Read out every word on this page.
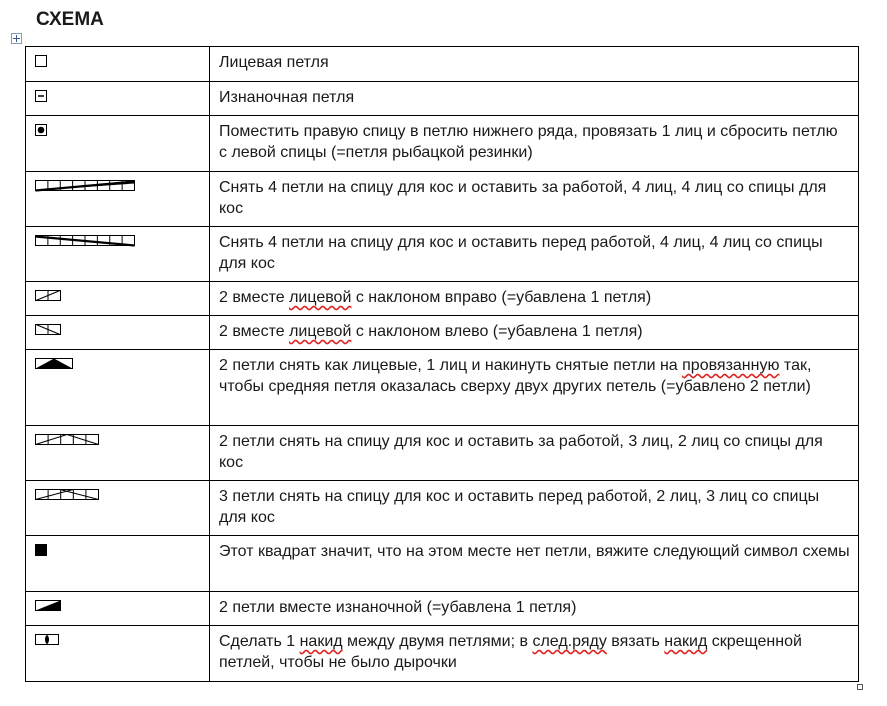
СХЕМА
	Лицевая петля

	Изнаночная петля

	Поместить правую спицу в петлю нижнего ряда, провязать 1 лиц и сбросить петлю с левой спицы (=петля рыбацкой резинки)

	Снять 4 петли на спицу для кос и оставить за работой, 4 лиц, 4 лиц со спицы для кос

	Снять 4 петли на спицу для кос и оставить перед работой, 4 лиц, 4 лиц со спицы для кос

	2 вместе лицевой с наклоном вправо (=убавлена 1 петля)

	2 вместе лицевой с наклоном влево (=убавлена 1 петля)

	2 петли снять как лицевые, 1 лиц и накинуть снятые петли на провязанную так, чтобы средняя петля оказалась сверху двух других петель (=убавлено 2 петли)

	2 петли снять на спицу для кос и оставить за работой, 3 лиц, 2 лиц со спицы для кос

	3 петли снять на спицу для кос и оставить перед работой, 2 лиц, 3 лиц со спицы для кос

	Этот квадрат значит, что на этом месте нет петли, вяжите следующий символ схемы

	2 петли вместе изнаночной (=убавлена 1 петля)

	Сделать 1 накид между двумя петлями; в след.ряду вязать накид скрещенной петлей, чтобы не было дырочки
